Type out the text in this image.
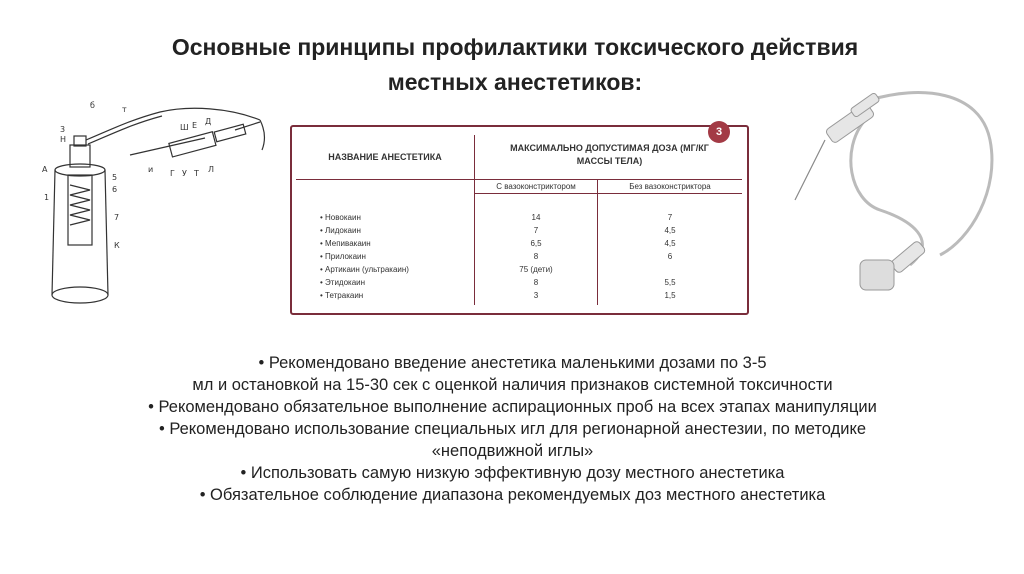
Основные принципы профилактики токсического действия
местных анестетиков:
б	т
3
Н
А
5
6
1
7
К
Ш Е Д
Л
и Г У Т
3
НАЗВАНИЕ АНЕСТЕТИКА
МАКСИМАЛЬНО ДОПУСТИМАЯ ДОЗА (МГ/КГ МАССЫ ТЕЛА)
С вазоконстриктором	Без вазоконстриктора
• Новокаин
• Лидокаин
• Мепивакаин
• Прилокаин
• Артикаин (ультракаин)
• Этидокаин
• Тетракаин
14
7
6,5
8
75 (дети)
8
3
7
4,5
4,5
6
5,5
1,5
• Рекомендовано введение анестетика маленькими дозами по 3-5
мл и остановкой на 15-30 сек с оценкой наличия признаков системной токсичности
• Рекомендовано обязательное выполнение аспирационных проб на всех этапах манипуляции
• Рекомендовано использование специальных игл для регионарной анестезии, по методике
«неподвижной иглы»
• Использовать самую низкую эффективную дозу местного анестетика
• Обязательное соблюдение диапазона рекомендуемых доз местного анестетика
